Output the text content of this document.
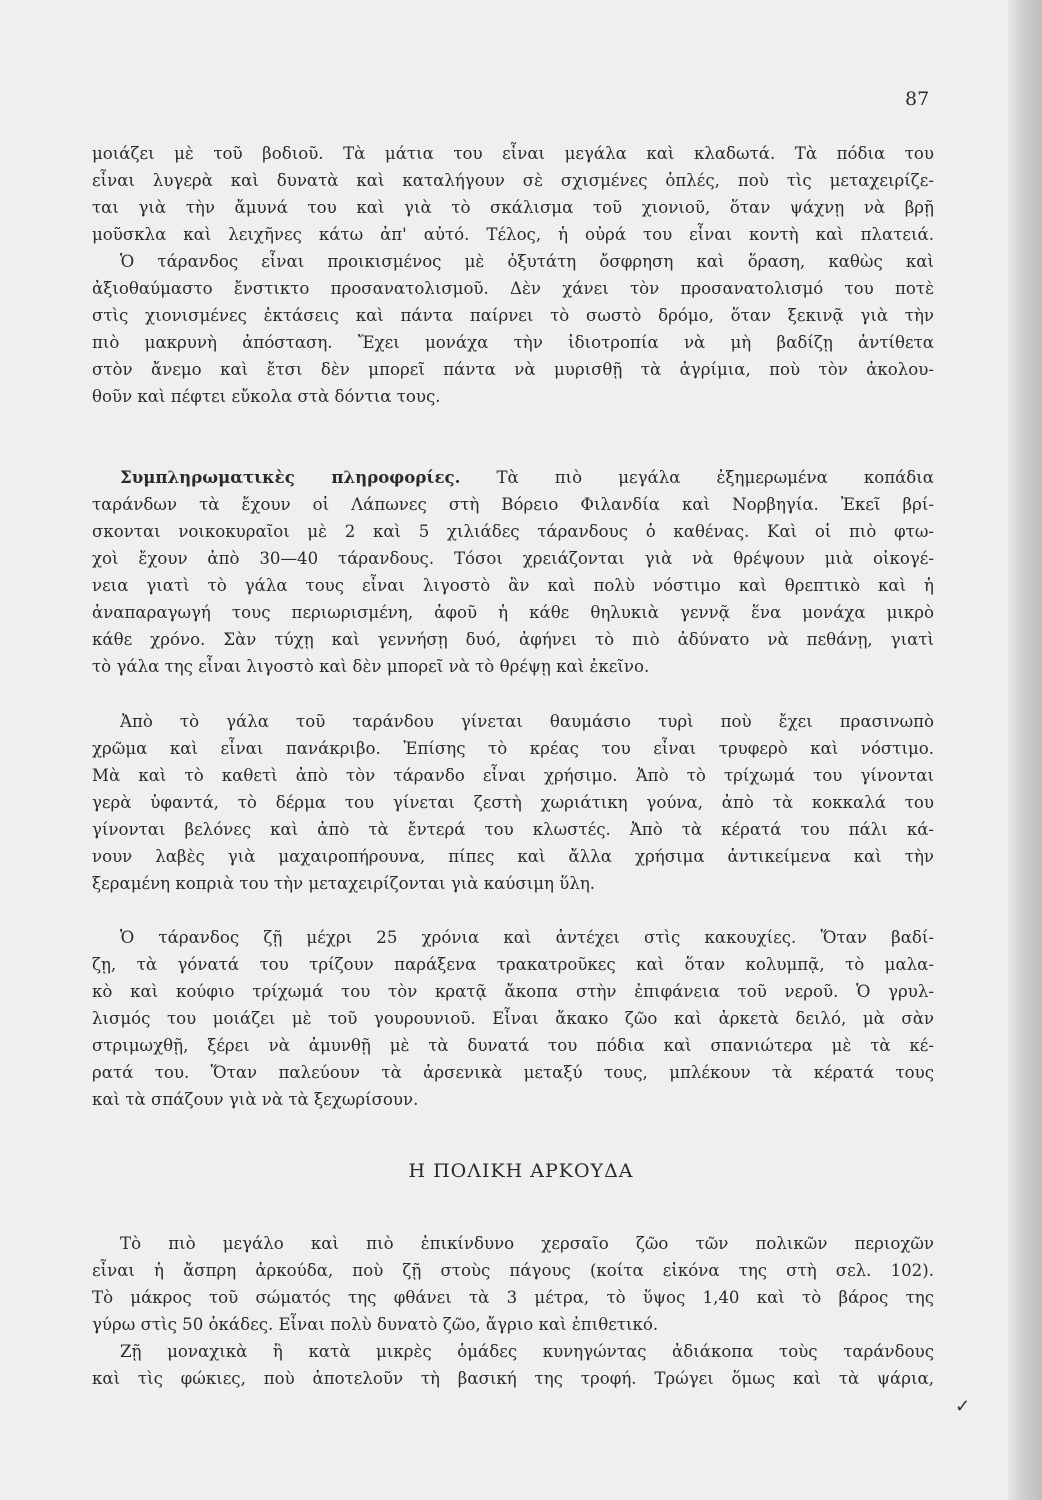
87
μοιάζει μὲ τοῦ βοδιοῦ. Τὰ μάτια του εἶναι μεγάλα καὶ κλαδωτά. Τὰ πόδια του
εἶναι λυγερὰ καὶ δυνατὰ καὶ καταλήγουν σὲ σχισμένες ὁπλές, ποὺ τὶς μεταχειρίζε-
ται γιὰ τὴν ἄμυνά του καὶ γιὰ τὸ σκάλισμα τοῦ χιονιοῦ, ὅταν ψάχνῃ νὰ βρῇ
μοῦσκλα καὶ λειχῆνες κάτω ἀπ' αὐτό. Τέλος, ἡ οὐρά του εἶναι κοντὴ καὶ πλατειά.
Ὁ τάρανδος εἶναι προικισμένος μὲ ὀξυτάτη ὄσφρηση καὶ ὅραση, καθὼς καὶ
ἀξιοθαύμαστο ἔνστικτο προσανατολισμοῦ. Δὲν χάνει τὸν προσανατολισμό του ποτὲ
στὶς χιονισμένες ἐκτάσεις καὶ πάντα παίρνει τὸ σωστὸ δρόμο, ὅταν ξεκινᾷ γιὰ τὴν
πιὸ μακρυνὴ ἀπόσταση. Ἔχει μονάχα τὴν ἰδιοτροπία νὰ μὴ βαδίζῃ ἀντίθετα
στὸν ἄνεμο καὶ ἔτσι δὲν μπορεῖ πάντα νὰ μυρισθῇ τὰ ἀγρίμια, ποὺ τὸν ἀκολου-
θοῦν καὶ πέφτει εὔκολα στὰ δόντια τους.
Συμπληρωματικὲς πληροφορίες. Τὰ πιὸ μεγάλα ἐξημερωμένα κοπάδια
ταράνδων τὰ ἔχουν οἱ Λάπωνες στὴ Βόρειο Φιλανδία καὶ Νορβηγία. Ἐκεῖ βρί-
σκονται νοικοκυραῖοι μὲ 2 καὶ 5 χιλιάδες τάρανδους ὁ καθένας. Καὶ οἱ πιὸ φτω-
χοὶ ἔχουν ἀπὸ 30—40 τάρανδους. Τόσοι χρειάζονται γιὰ νὰ θρέψουν μιὰ οἰκογέ-
νεια γιατὶ τὸ γάλα τους εἶναι λιγοστὸ ἂν καὶ πολὺ νόστιμο καὶ θρεπτικὸ καὶ ἡ
ἀναπαραγωγή τους περιωρισμένη, ἀφοῦ ἡ κάθε θηλυκιὰ γεννᾷ ἕνα μονάχα μικρὸ
κάθε χρόνο. Σὰν τύχῃ καὶ γεννήσῃ δυό, ἀφήνει τὸ πιὸ ἀδύνατο νὰ πεθάνῃ, γιατὶ
τὸ γάλα της εἶναι λιγοστὸ καὶ δὲν μπορεῖ νὰ τὸ θρέψῃ καὶ ἐκεῖνο.
Ἀπὸ τὸ γάλα τοῦ ταράνδου γίνεται θαυμάσιο τυρὶ ποὺ ἔχει πρασινωπὸ
χρῶμα καὶ εἶναι πανάκριβο. Ἐπίσης τὸ κρέας του εἶναι τρυφερὸ καὶ νόστιμο.
Μὰ καὶ τὸ καθετὶ ἀπὸ τὸν τάρανδο εἶναι χρήσιμο. Ἀπὸ τὸ τρίχωμά του γίνονται
γερὰ ὑφαντά, τὸ δέρμα του γίνεται ζεστὴ χωριάτικη γούνα, ἀπὸ τὰ κοκκαλά του
γίνονται βελόνες καὶ ἀπὸ τὰ ἔντερά του κλωστές. Ἀπὸ τὰ κέρατά του πάλι κά-
νουν λαβὲς γιὰ μαχαιροπήρουνα, πίπες καὶ ἄλλα χρήσιμα ἀντικείμενα καὶ τὴν
ξεραμένη κοπριὰ του τὴν μεταχειρίζονται γιὰ καύσιμη ὕλη.
Ὁ τάρανδος ζῇ μέχρι 25 χρόνια καὶ ἀντέχει στὶς κακουχίες. Ὅταν βαδί-
ζῃ, τὰ γόνατά του τρίζουν παράξενα τρακατροῦκες καὶ ὅταν κολυμπᾷ, τὸ μαλα-
κὸ καὶ κούφιο τρίχωμά του τὸν κρατᾷ ἄκοπα στὴν ἐπιφάνεια τοῦ νεροῦ. Ὁ γρυλ-
λισμός του μοιάζει μὲ τοῦ γουρουνιοῦ. Εἶναι ἄκακο ζῶο καὶ ἀρκετὰ δειλό, μὰ σὰν
στριμωχθῇ, ξέρει νὰ ἀμυνθῇ μὲ τὰ δυνατά του πόδια καὶ σπανιώτερα μὲ τὰ κέ-
ρατά του. Ὅταν παλεύουν τὰ ἀρσενικὰ μεταξύ τους, μπλέκουν τὰ κέρατά τους
καὶ τὰ σπάζουν γιὰ νὰ τὰ ξεχωρίσουν.
Η ΠΟΛΙΚΗ ΑΡΚΟΥΔΑ
Τὸ πιὸ μεγάλο καὶ πιὸ ἐπικίνδυνο χερσαῖο ζῶο τῶν πολικῶν περιοχῶν
εἶναι ἡ ἄσπρη ἀρκούδα, ποὺ ζῇ στοὺς πάγους (κοίτα εἰκόνα της στὴ σελ. 102).
Τὸ μάκρος τοῦ σώματός της φθάνει τὰ 3 μέτρα, τὸ ὕψος 1,40 καὶ τὸ βάρος της
γύρω στὶς 50 ὀκάδες. Εἶναι πολὺ δυνατὸ ζῶο, ἄγριο καὶ ἐπιθετικό.
Ζῇ μοναχικὰ ἢ κατὰ μικρὲς ὁμάδες κυνηγώντας ἀδιάκοπα τοὺς ταράνδους
καὶ τὶς φώκιες, ποὺ ἀποτελοῦν τὴ βασική της τροφή. Τρώγει ὅμως καὶ τὰ ψάρια,
✓
